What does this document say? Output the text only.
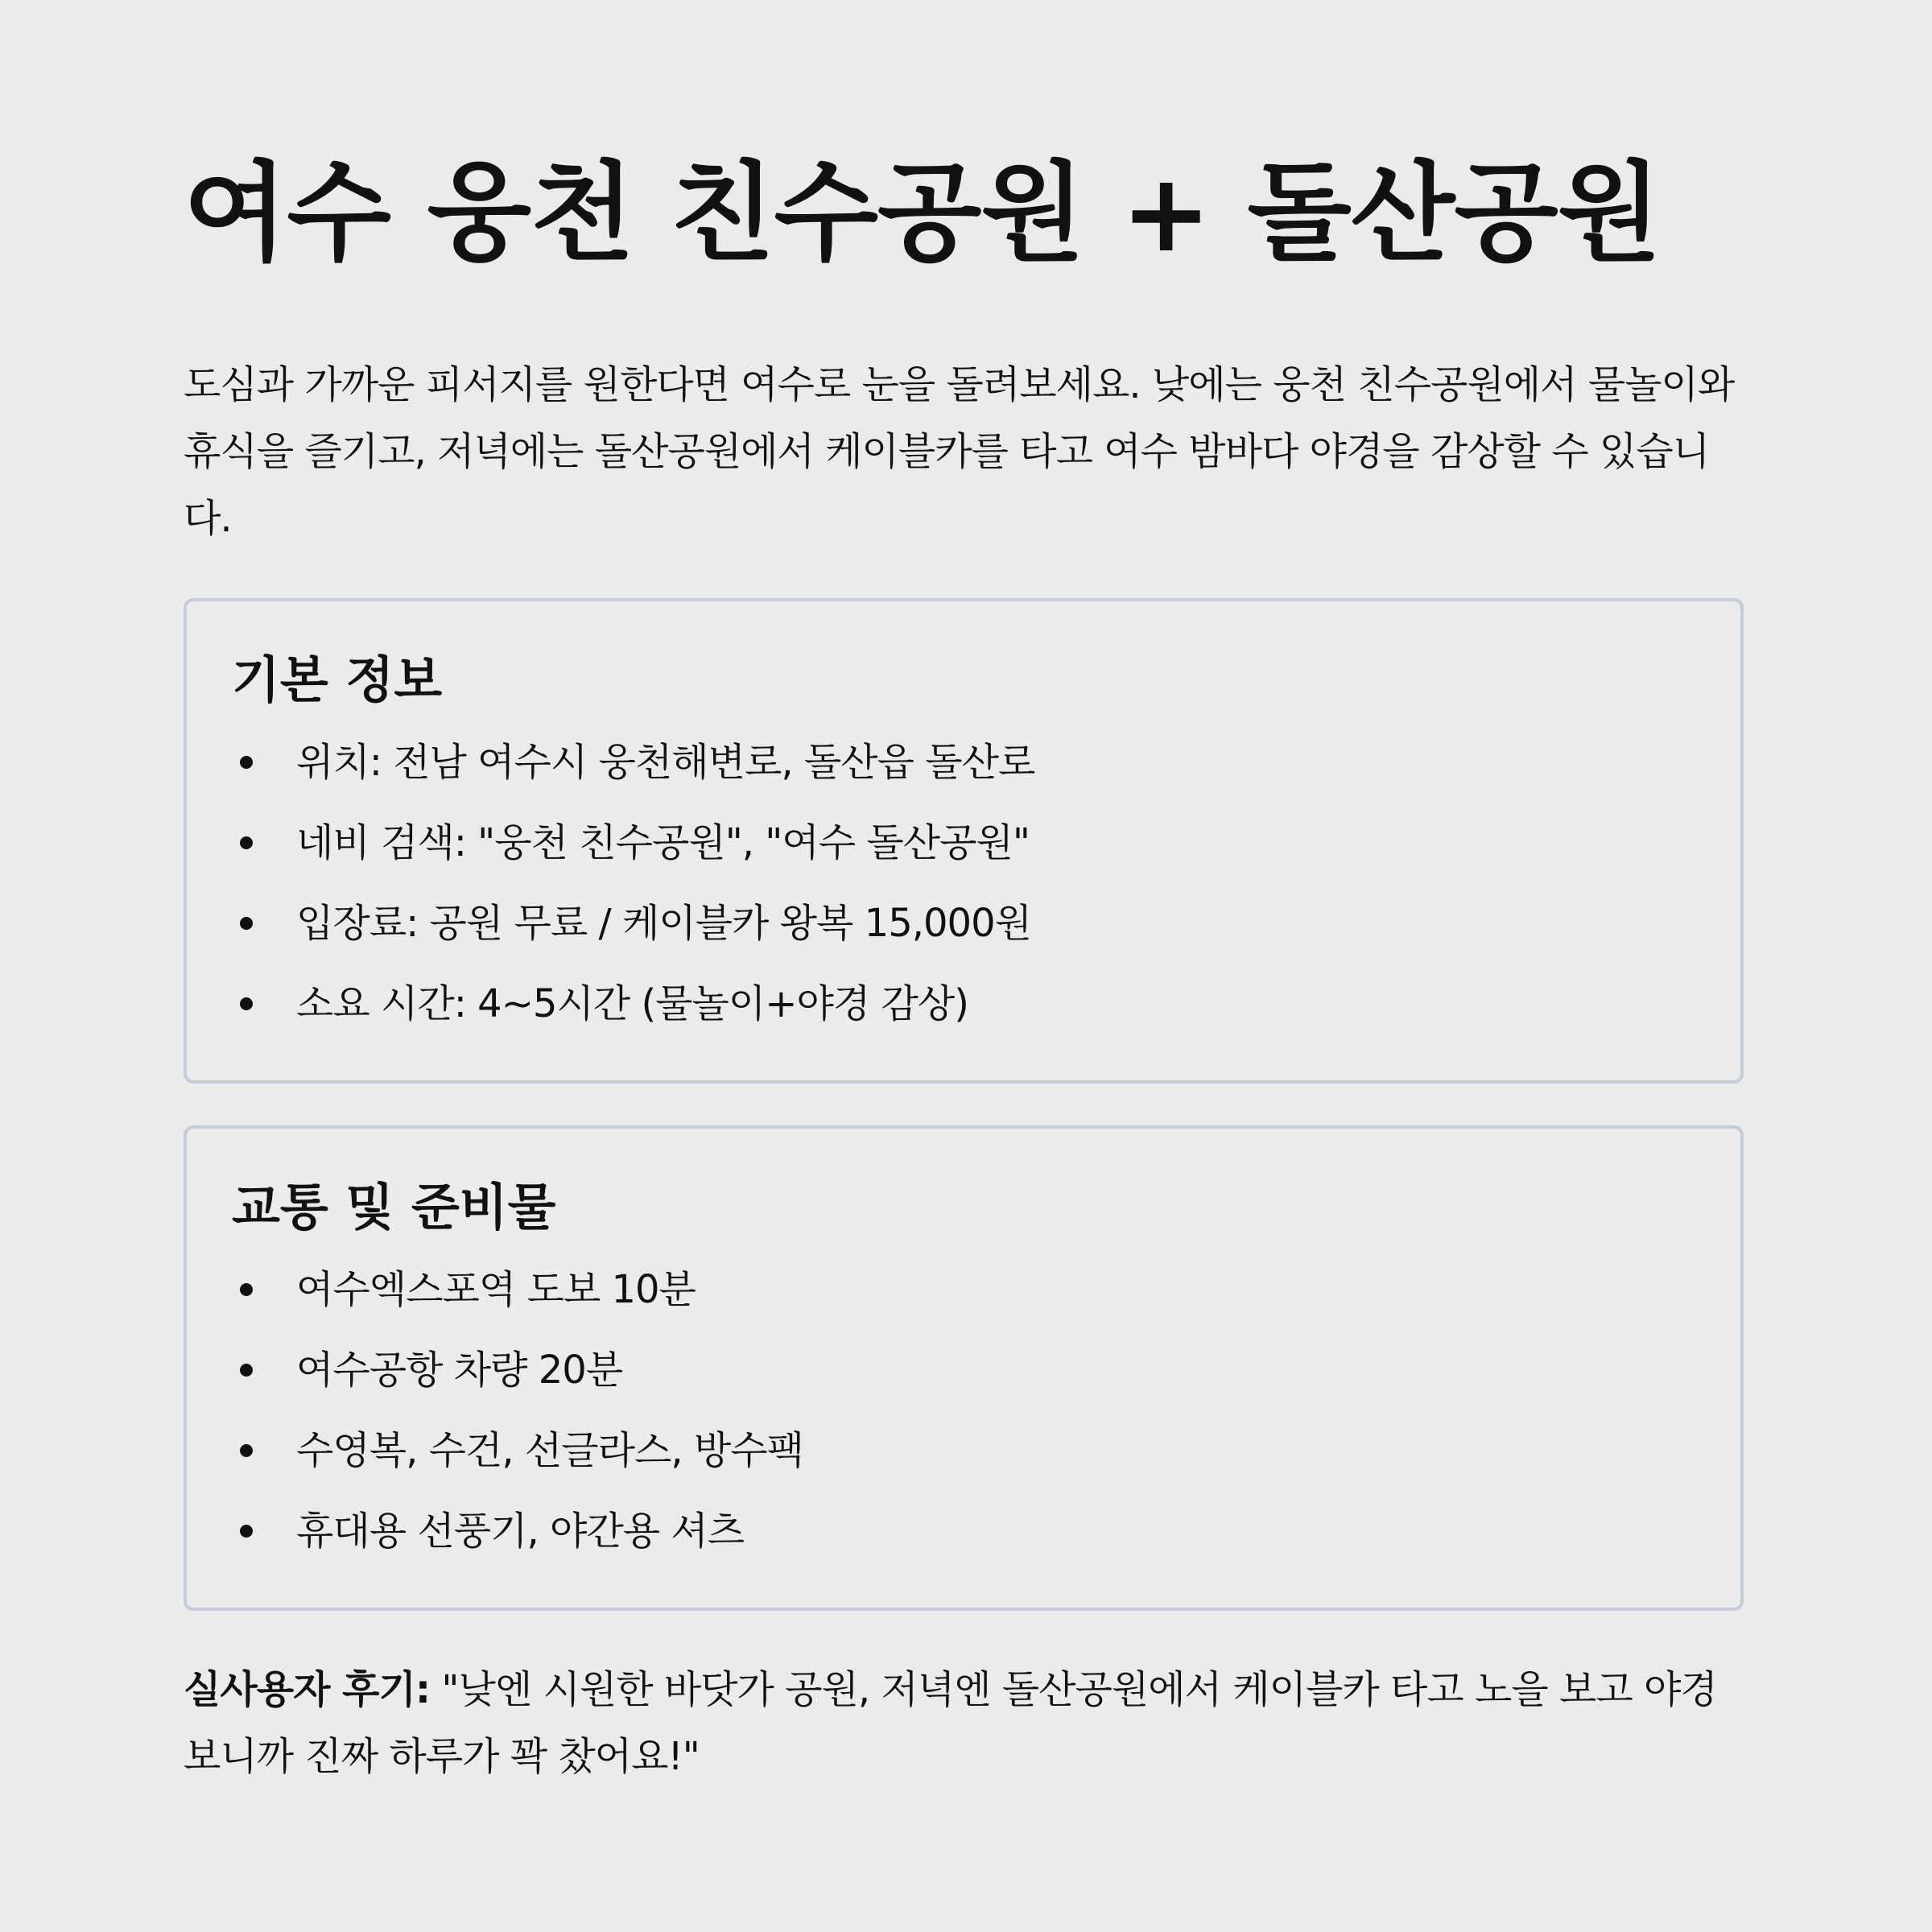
여수 웅천 친수공원 + 돌산공원

도심과 가까운 피서지를 원한다면 여수로 눈을 돌려보세요. 낮에는 웅천 친수공원에서 물놀이와 휴식을 즐기고, 저녁에는 돌산공원에서 케이블카를 타고 여수 밤바다 야경을 감상할 수 있습니다.

기본 정보
위치: 전남 여수시 웅천해변로, 돌산읍 돌산로
네비 검색: "웅천 친수공원", "여수 돌산공원"
입장료: 공원 무료 / 케이블카 왕복 15,000원
소요 시간: 4~5시간 (물놀이+야경 감상)
교통 및 준비물
여수엑스포역 도보 10분
여수공항 차량 20분
수영복, 수건, 선글라스, 방수팩
휴대용 선풍기, 야간용 셔츠

실사용자 후기: "낮엔 시원한 바닷가 공원, 저녁엔 돌산공원에서 케이블카 타고 노을 보고 야경 보니까 진짜 하루가 꽉 찼어요!"
